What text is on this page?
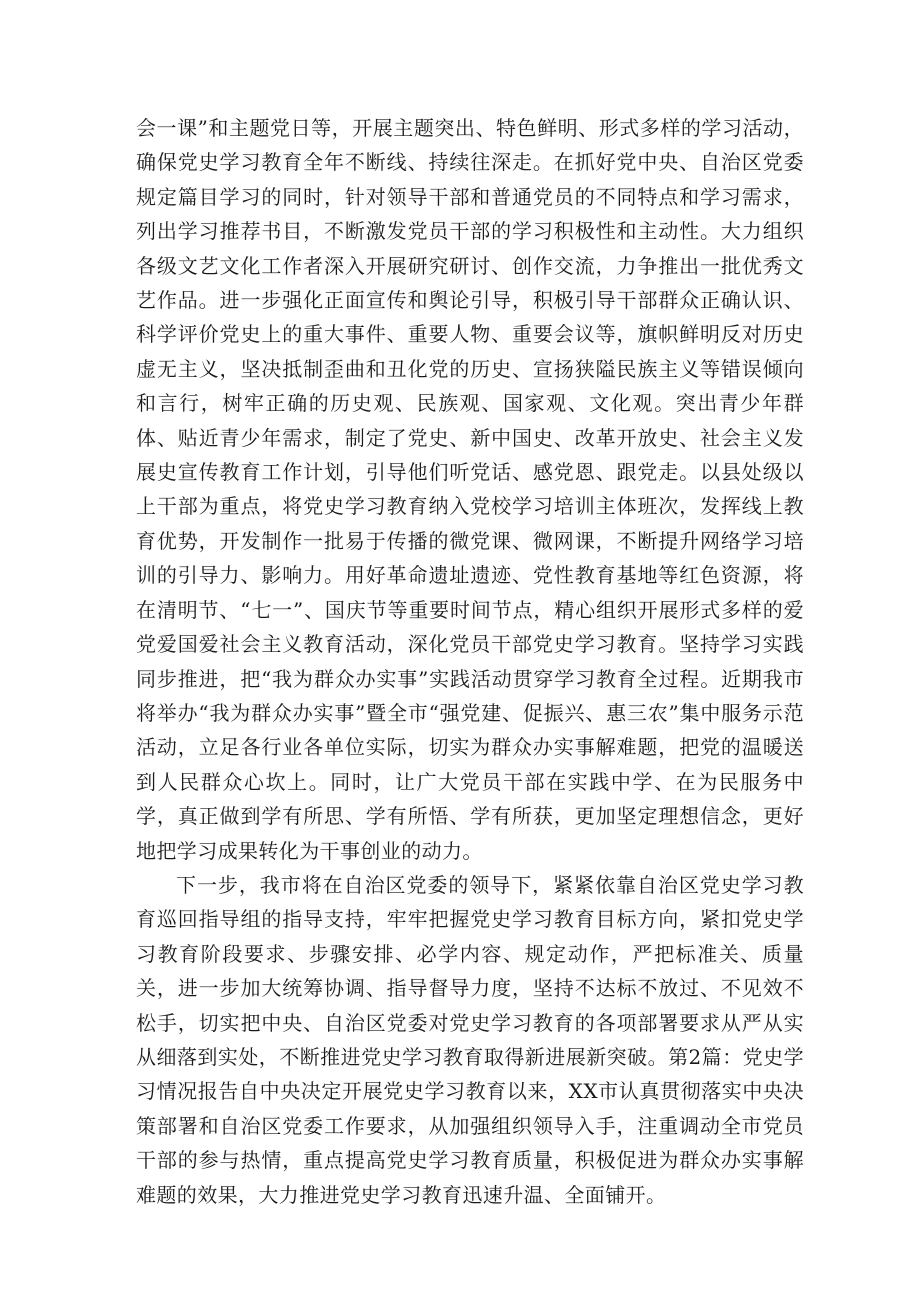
会一课”和主题党日等，开展主题突出、特色鲜明、形式多样的学习活动，确保党史学习教育全年不断线、持续往深走。在抓好党中央、自治区党委规定篇目学习的同时，针对领导干部和普通党员的不同特点和学习需求，列出学习推荐书目，不断激发党员干部的学习积极性和主动性。大力组织各级文艺文化工作者深入开展研究研讨、创作交流，力争推出一批优秀文艺作品。进一步强化正面宣传和舆论引导，积极引导干部群众正确认识、科学评价党史上的重大事件、重要人物、重要会议等，旗帜鲜明反对历史虚无主义，坚决抵制歪曲和丑化党的历史、宣扬狭隘民族主义等错误倾向和言行，树牢正确的历史观、民族观、国家观、文化观。突出青少年群体、贴近青少年需求，制定了党史、新中国史、改革开放史、社会主义发展史宣传教育工作计划，引导他们听党话、感党恩、跟党走。以县处级以上干部为重点，将党史学习教育纳入党校学习培训主体班次，发挥线上教育优势，开发制作一批易于传播的微党课、微网课，不断提升网络学习培训的引导力、影响力。用好革命遗址遗迹、党性教育基地等红色资源，将在清明节、“七一”、国庆节等重要时间节点，精心组织开展形式多样的爱党爱国爱社会主义教育活动，深化党员干部党史学习教育。坚持学习实践同步推进，把“我为群众办实事”实践活动贯穿学习教育全过程。近期我市将举办“我为群众办实事”暨全市“强党建、促振兴、惠三农”集中服务示范活动，立足各行业各单位实际，切实为群众办实事解难题，把党的温暖送到人民群众心坎上。同时，让广大党员干部在实践中学、在为民服务中学，真正做到学有所思、学有所悟、学有所获，更加坚定理想信念，更好地把学习成果转化为干事创业的动力。

下一步，我市将在自治区党委的领导下，紧紧依靠自治区党史学习教育巡回指导组的指导支持，牢牢把握党史学习教育目标方向，紧扣党史学习教育阶段要求、步骤安排、必学内容、规定动作，严把标准关、质量关，进一步加大统筹协调、指导督导力度，坚持不达标不放过、不见效不松手，切实把中央、自治区党委对党史学习教育的各项部署要求从严从实从细落到实处，不断推进党史学习教育取得新进展新突破。第2篇：党史学习情况报告自中央决定开展党史学习教育以来，XX市认真贯彻落实中央决策部署和自治区党委工作要求，从加强组织领导入手，注重调动全市党员干部的参与热情，重点提高党史学习教育质量，积极促进为群众办实事解难题的效果，大力推进党史学习教育迅速升温、全面铺开。
